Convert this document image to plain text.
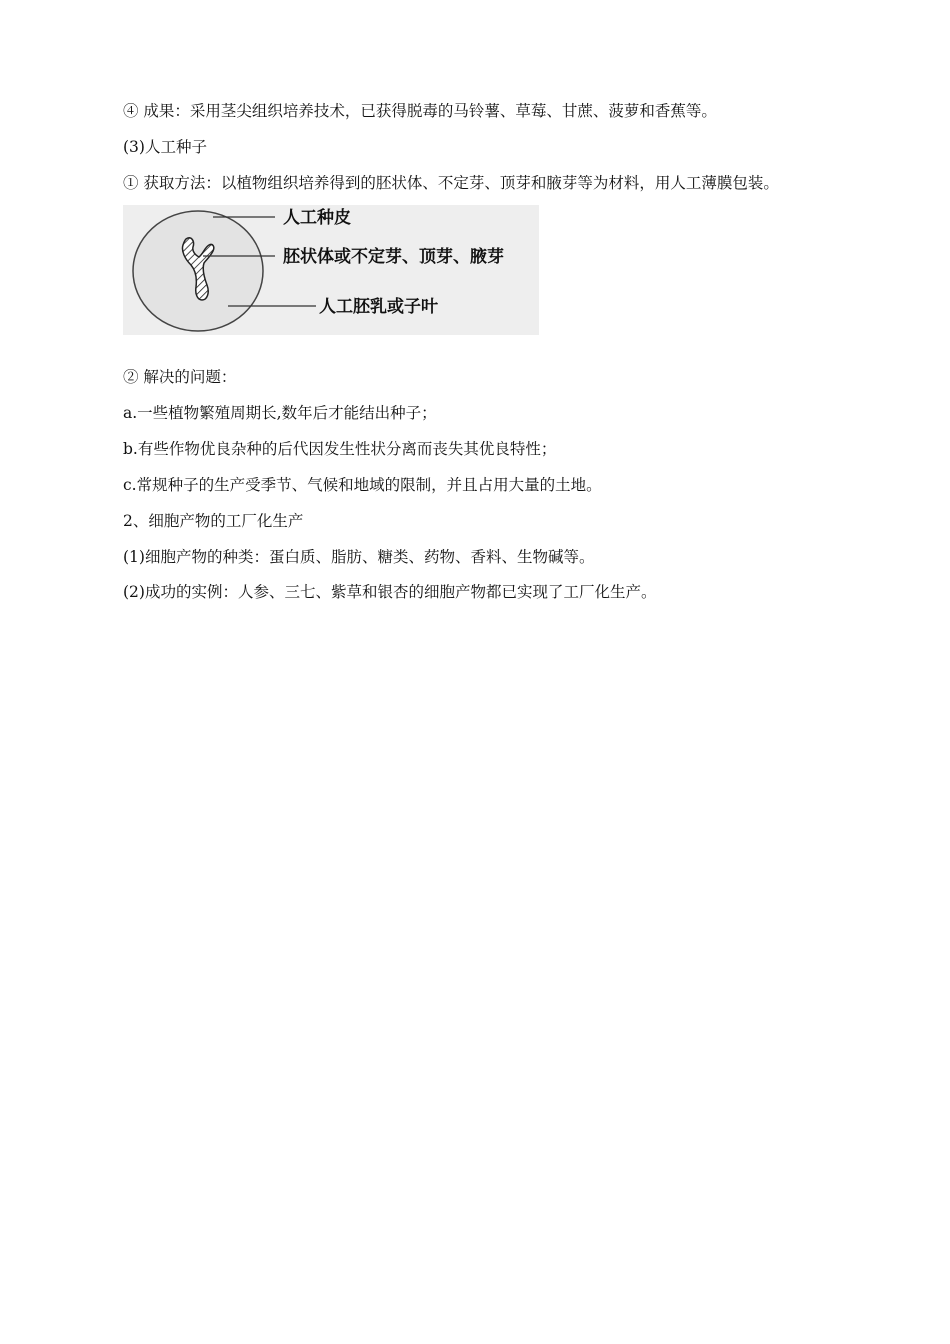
④ 成果：采用茎尖组织培养技术，已获得脱毒的马铃薯、草莓、甘蔗、菠萝和香蕉等。
(3)人工种子
① 获取方法：以植物组织培养得到的胚状体、不定芽、顶芽和腋芽等为材料，用人工薄膜包装。
人工种皮
胚状体或不定芽、顶芽、腋芽
人工胚乳或子叶
② 解决的问题：
a.一些植物繁殖周期长,数年后才能结出种子；
b.有些作物优良杂种的后代因发生性状分离而丧失其优良特性；
c.常规种子的生产受季节、气候和地域的限制，并且占用大量的土地。
2、细胞产物的工厂化生产
(1)细胞产物的种类：蛋白质、脂肪、糖类、药物、香料、生物碱等。
(2)成功的实例：人参、三七、紫草和银杏的细胞产物都已实现了工厂化生产。
